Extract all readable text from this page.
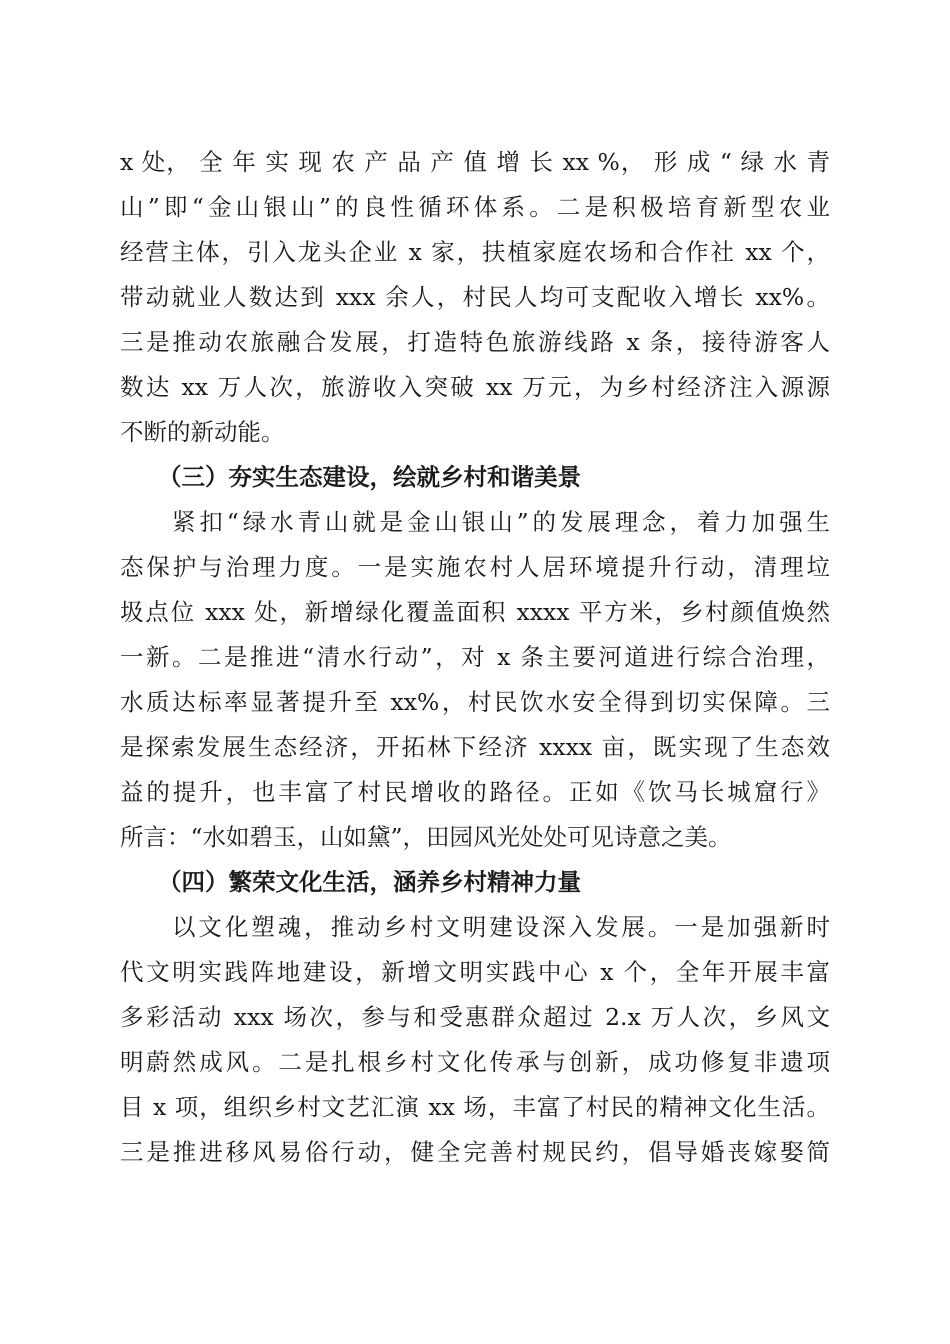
x 处， 全 年 实 现 农 产 品 产 值 增 长 xx %， 形 成 “ 绿 水 青
山”即“金山银山”的良性循环体系。二是积极培育新型农业
经营主体，引入龙头企业 x 家，扶植家庭农场和合作社 xx 个，
带动就业人数达到 xxx 余人，村民人均可支配收入增长 xx%。
三是推动农旅融合发展，打造特色旅游线路 x 条，接待游客人
数达 xx 万人次，旅游收入突破 xx 万元，为乡村经济注入源源
不断的新动能。
（三）夯实生态建设，绘就乡村和谐美景
紧扣“绿水青山就是金山银山”的发展理念，着力加强生
态保护与治理力度。一是实施农村人居环境提升行动，清理垃
圾点位 xxx 处，新增绿化覆盖面积 xxxx 平方米，乡村颜值焕然
一新。二是推进“清水行动”，对 x 条主要河道进行综合治理，
水质达标率显著提升至 xx%，村民饮水安全得到切实保障。三
是探索发展生态经济，开拓林下经济 xxxx 亩，既实现了生态效
益的提升，也丰富了村民增收的路径。正如《饮马长城窟行》
所言：“水如碧玉，山如黛”，田园风光处处可见诗意之美。
（四）繁荣文化生活，涵养乡村精神力量
以文化塑魂，推动乡村文明建设深入发展。一是加强新时
代文明实践阵地建设，新增文明实践中心 x 个，全年开展丰富
多彩活动 xxx 场次，参与和受惠群众超过 2.x 万人次，乡风文
明蔚然成风。二是扎根乡村文化传承与创新，成功修复非遗项
目 x 项，组织乡村文艺汇演 xx 场，丰富了村民的精神文化生活。
三是推进移风易俗行动，健全完善村规民约，倡导婚丧嫁娶简
